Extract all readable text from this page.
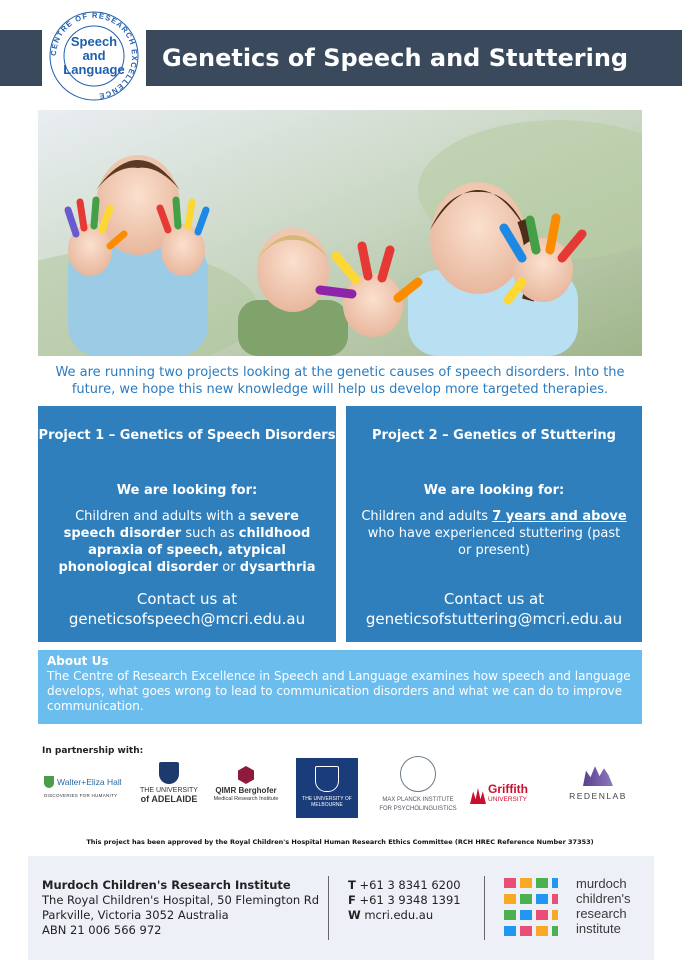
Genetics of Speech and Stuttering
CENTRE OF RESEARCH EXCELLENCE
Speech
and
Language
We are running two projects looking at the genetic causes of speech disorders. Into the
future, we hope this new knowledge will help us develop more targeted therapies.
Project 1 – Genetics of Speech Disorders
We are looking for:
Children and adults with a severe speech disorder such as childhood apraxia of speech, atypical phonological disorder or dysarthria
Contact us at
geneticsofspeech@mcri.edu.au
Project 2 – Genetics of Stuttering
We are looking for:
Children and adults 7 years and above who have experienced stuttering (past or present)
Contact us at
geneticsofstuttering@mcri.edu.au
About Us
The Centre of Research Excellence in Speech and Language examines how speech and language develops, what goes wrong to lead to communication disorders and what we can do to improve communication.
In partnership with:
Walter+Eliza Hall
DISCOVERIES FOR HUMANITY
THE UNIVERSITY
of ADELAIDE
QIMR Berghofer
Medical Research Institute	THE UNIVERSITY OF MELBOURNE
MAX PLANCK INSTITUTE
FOR PSYCHOLINGUISTICS
Griffith
UNIVERSITY	REDENLAB
This project has been approved by the Royal Children's Hospital Human Research Ethics Committee (RCH HREC Reference Number 37353)
Murdoch Children's Research Institute
The Royal Children's Hospital, 50 Flemington Rd
Parkville, Victoria 3052 Australia
ABN 21 006 566 972
T +61 3 8341 6200
F +61 3 9348 1391
W mcri.edu.au
murdoch
children's
research
institute
